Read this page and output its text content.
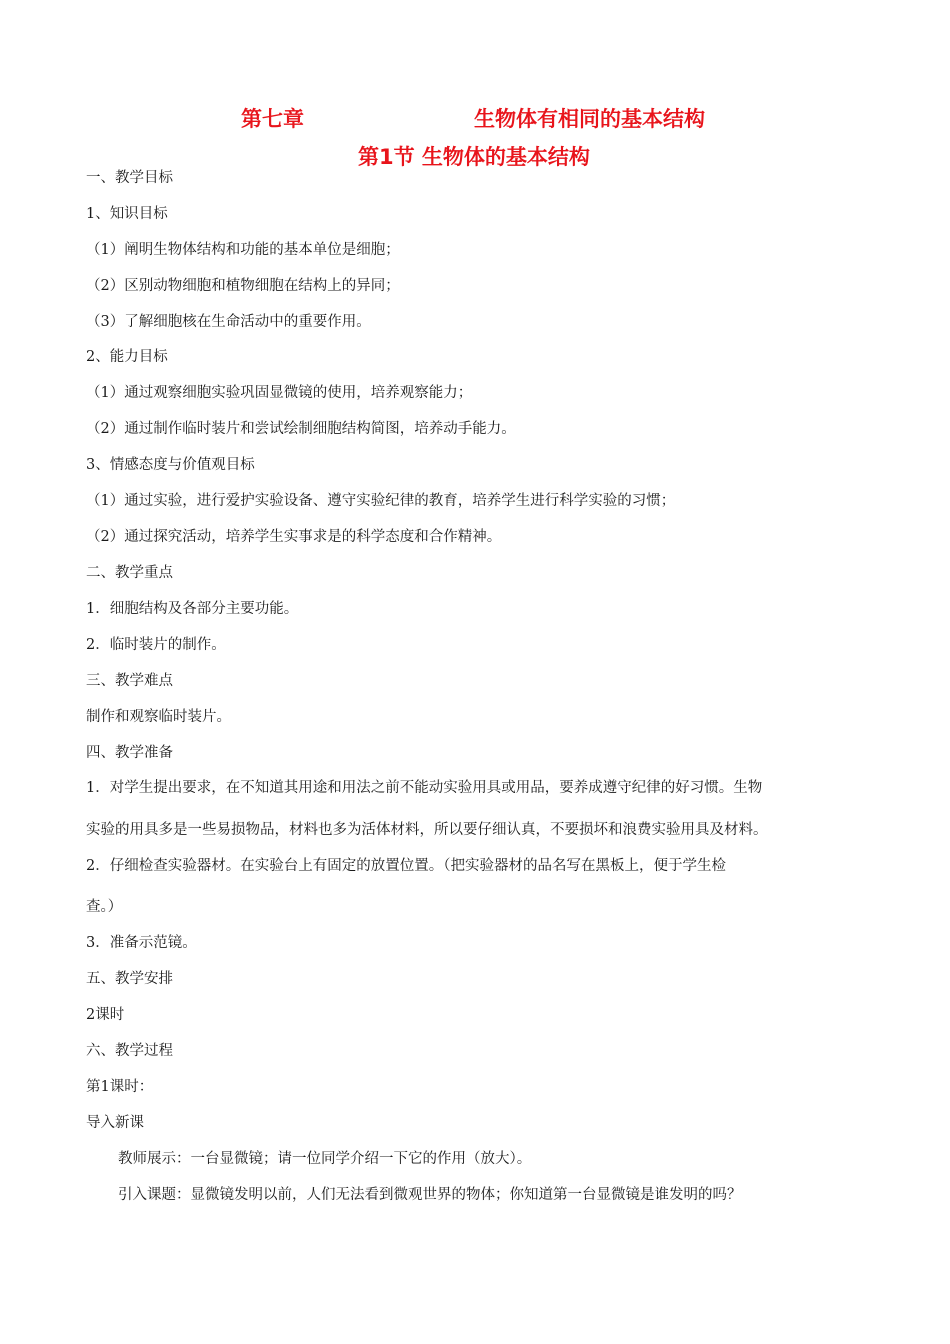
第七章	生物体有相同的基本结构
第1节 生物体的基本结构
一、教学目标
1、知识目标
（1）阐明生物体结构和功能的基本单位是细胞；
（2）区别动物细胞和植物细胞在结构上的异同；
（3）了解细胞核在生命活动中的重要作用。
2、能力目标
（1）通过观察细胞实验巩固显微镜的使用，培养观察能力；
（2）通过制作临时装片和尝试绘制细胞结构简图，培养动手能力。
3、情感态度与价值观目标
（1）通过实验，进行爱护实验设备、遵守实验纪律的教育，培养学生进行科学实验的习惯；
（2）通过探究活动，培养学生实事求是的科学态度和合作精神。
二、教学重点
1．细胞结构及各部分主要功能。
2．临时装片的制作。
三、教学难点
制作和观察临时装片。
四、教学准备
1．对学生提出要求，在不知道其用途和用法之前不能动实验用具或用品，要养成遵守纪律的好习惯。生物
实验的用具多是一些易损物品，材料也多为活体材料，所以要仔细认真，不要损坏和浪费实验用具及材料。
2．仔细检查实验器材。在实验台上有固定的放置位置。（把实验器材的品名写在黑板上，便于学生检
查。）
3．准备示范镜。
五、教学安排
2课时
六、教学过程
第1课时：
导入新课
教师展示：一台显微镜；请一位同学介绍一下它的作用（放大）。
引入课题：显微镜发明以前，人们无法看到微观世界的物体；你知道第一台显微镜是谁发明的吗？
